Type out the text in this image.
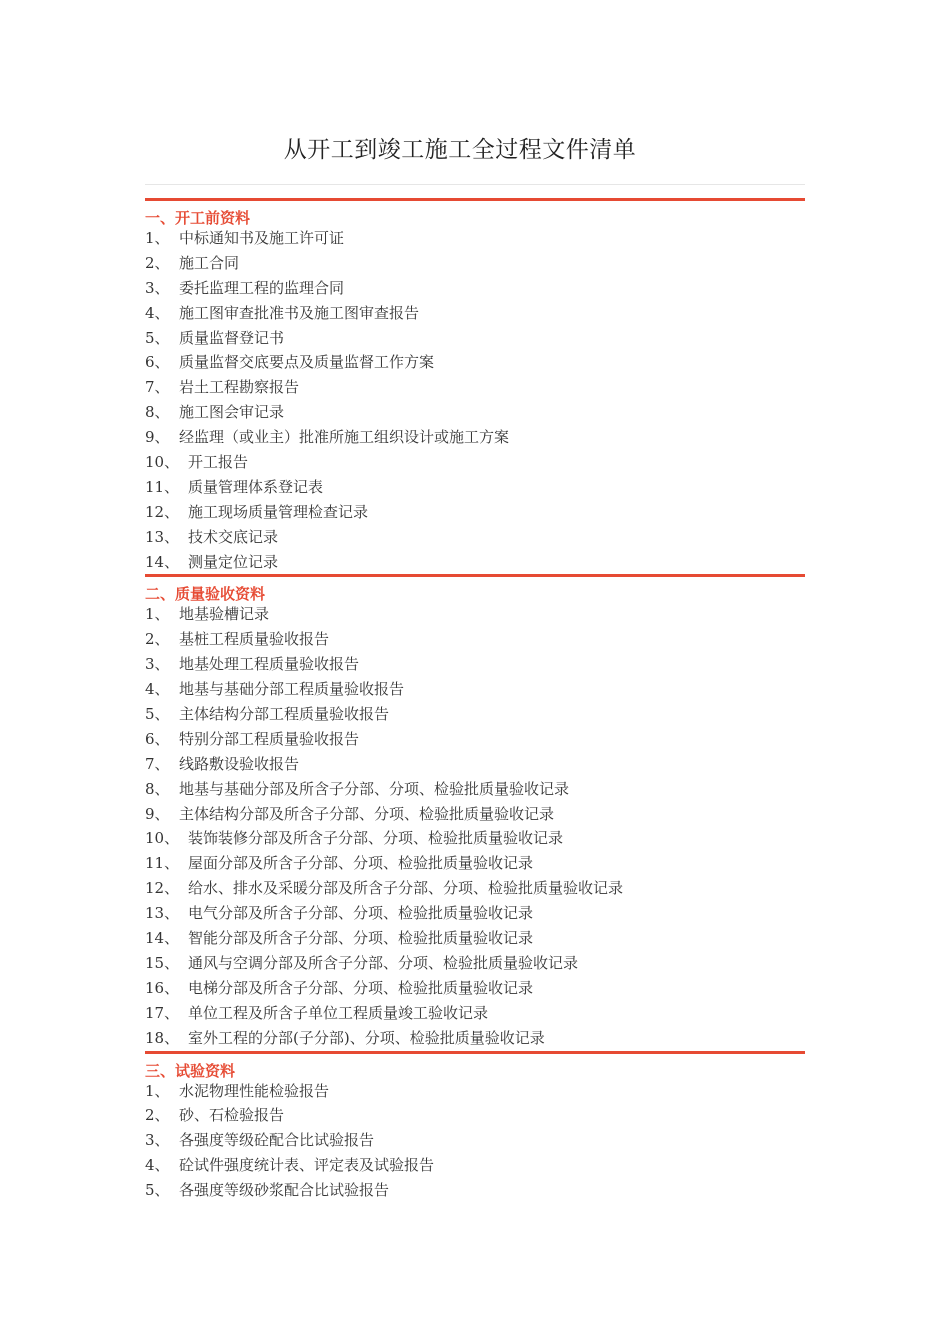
从开工到竣工施工全过程文件清单
一、开工前资料
1、 中标通知书及施工许可证
2、 施工合同
3、 委托监理工程的监理合同
4、 施工图审查批准书及施工图审查报告
5、 质量监督登记书
6、 质量监督交底要点及质量监督工作方案
7、 岩土工程勘察报告
8、 施工图会审记录
9、 经监理（或业主）批准所施工组织设计或施工方案
10、 开工报告
11、 质量管理体系登记表
12、 施工现场质量管理检查记录
13、 技术交底记录
14、 测量定位记录
二、质量验收资料
1、 地基验槽记录
2、 基桩工程质量验收报告
3、 地基处理工程质量验收报告
4、 地基与基础分部工程质量验收报告
5、 主体结构分部工程质量验收报告
6、 特别分部工程质量验收报告
7、 线路敷设验收报告
8、 地基与基础分部及所含子分部、分项、检验批质量验收记录
9、 主体结构分部及所含子分部、分项、检验批质量验收记录
10、 装饰装修分部及所含子分部、分项、检验批质量验收记录
11、 屋面分部及所含子分部、分项、检验批质量验收记录
12、 给水、排水及采暖分部及所含子分部、分项、检验批质量验收记录
13、 电气分部及所含子分部、分项、检验批质量验收记录
14、 智能分部及所含子分部、分项、检验批质量验收记录
15、 通风与空调分部及所含子分部、分项、检验批质量验收记录
16、 电梯分部及所含子分部、分项、检验批质量验收记录
17、 单位工程及所含子单位工程质量竣工验收记录
18、 室外工程的分部(子分部)、分项、检验批质量验收记录
三、试验资料
1、 水泥物理性能检验报告
2、 砂、石检验报告
3、 各强度等级砼配合比试验报告
4、 砼试件强度统计表、评定表及试验报告
5、 各强度等级砂浆配合比试验报告
